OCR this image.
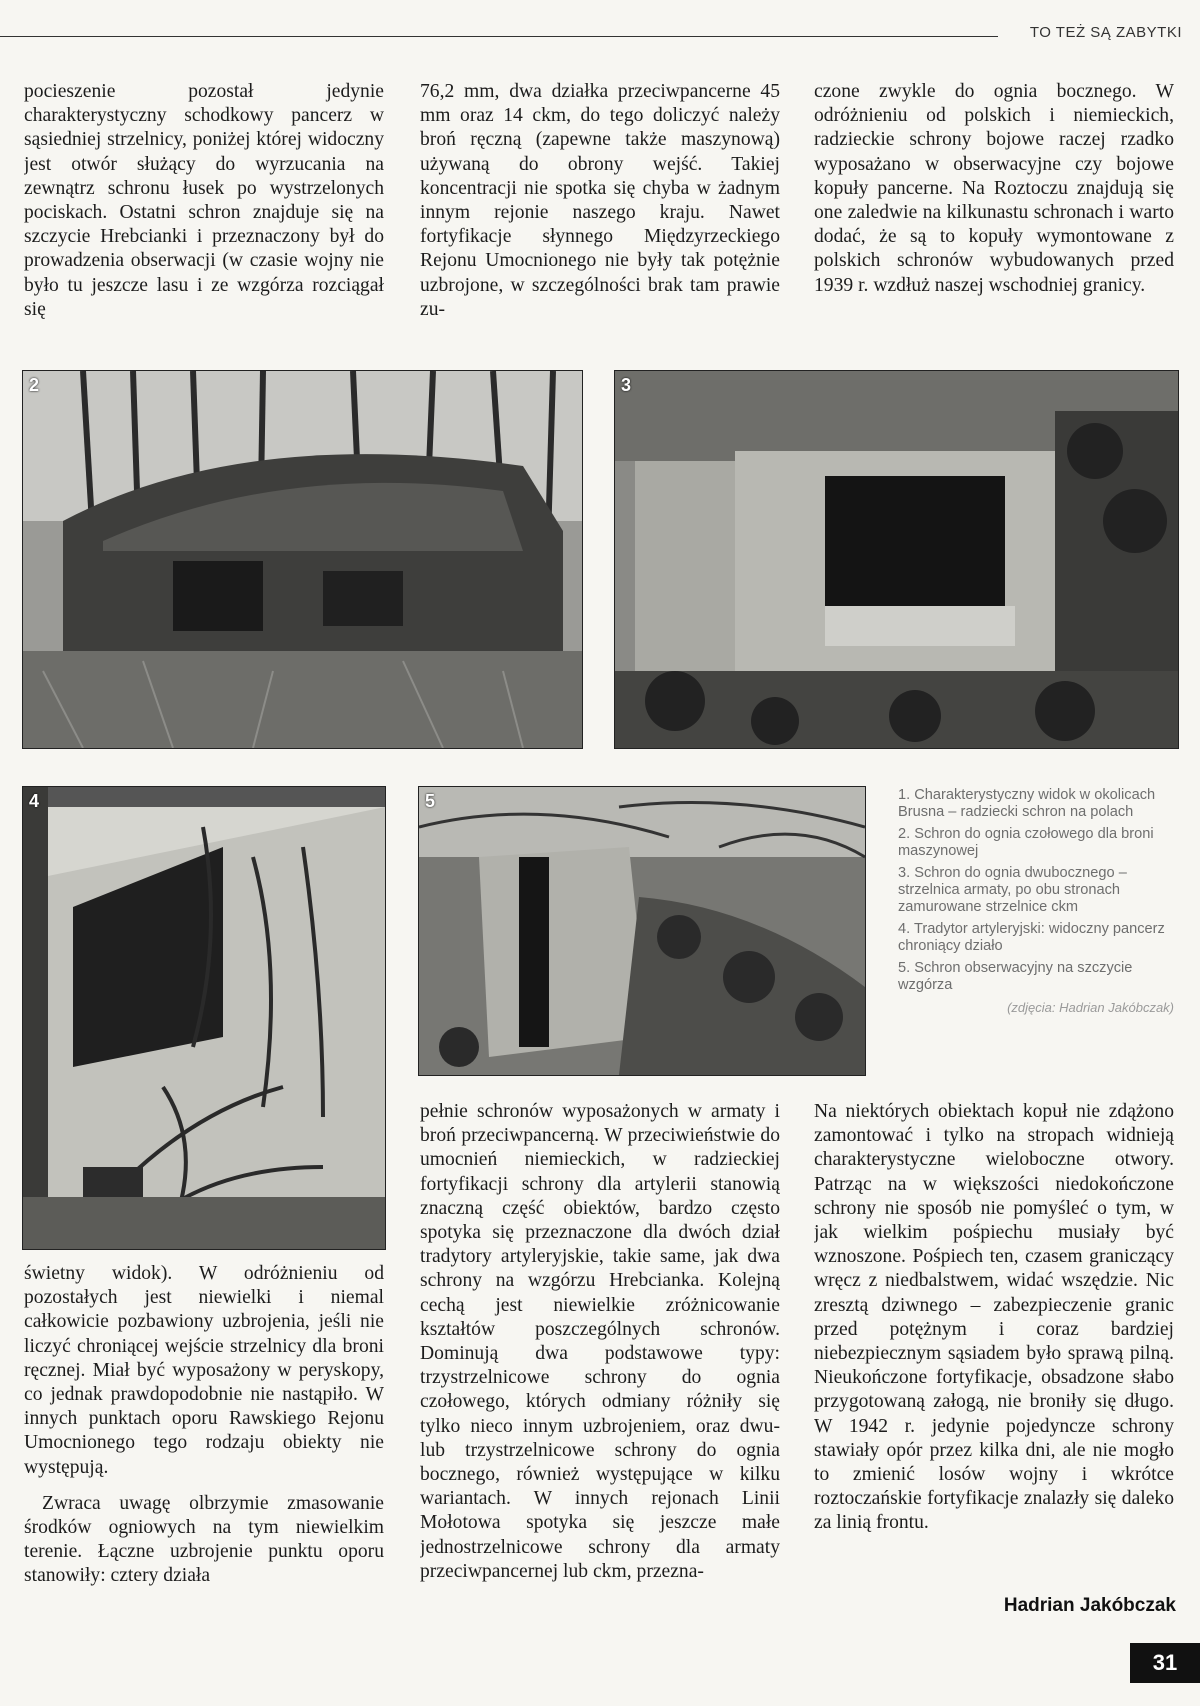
TO TEŻ SĄ ZABYTKI

pocieszenie pozostał jedynie charakterystyczny schodkowy pancerz w sąsiedniej strzelnicy, poniżej której widoczny jest otwór służący do wyrzucania na zewnątrz schronu łusek po wystrzelonych pociskach. Ostatni schron znajduje się na szczycie Hrebcianki i przeznaczony był do prowadzenia obserwacji (w czasie wojny nie było tu jeszcze lasu i ze wzgórza rozciągał się

76,2 mm, dwa działka przeciwpancerne 45 mm oraz 14 ckm, do tego doliczyć należy broń ręczną (zapewne także maszynową) używaną do obrony wejść. Takiej koncentracji nie spotka się chyba w żadnym innym rejonie naszego kraju. Nawet fortyfikacje słynnego Międzyrzeckiego Rejonu Umocnionego nie były tak potężnie uzbrojone, w szczególności brak tam prawie zu-

czone zwykle do ognia bocznego. W odróżnieniu od polskich i niemieckich, radzieckie schrony bojowe raczej rzadko wyposażano w obserwacyjne czy bojowe kopuły pancerne. Na Roztoczu znajdują się one zaledwie na kilkunastu schronach i warto dodać, że są to kopuły wymontowane z polskich schronów wybudowanych przed 1939 r. wzdłuż naszej wschodniej granicy.

2	3
4	5	1. Charakterystyczny widok w okolicach Brusna – radziecki schron na polach
2. Schron do ognia czołowego dla broni maszynowej
3. Schron do ognia dwubocznego – strzelnica armaty, po obu stronach zamurowane strzelnice ckm
4. Tradytor artyleryjski: widoczny pancerz chroniący działo
5. Schron obserwacyjny na szczycie wzgórza
(zdjęcia: Hadrian Jakóbczak)

świetny widok). W odróżnieniu od pozostałych jest niewielki i niemal całkowicie pozbawiony uzbrojenia, jeśli nie liczyć chroniącej wejście strzelnicy dla broni ręcznej. Miał być wyposażony w peryskopy, co jednak prawdopodobnie nie nastąpiło. W innych punktach oporu Rawskiego Rejonu Umocnionego tego rodzaju obiekty nie występują.

Zwraca uwagę olbrzymie zmasowanie środków ogniowych na tym niewielkim terenie. Łączne uzbrojenie punktu oporu stanowiły: cztery działa

pełnie schronów wyposażonych w armaty i broń przeciwpancerną. W przeciwieństwie do umocnień niemieckich, w radzieckiej fortyfikacji schrony dla artylerii stanowią znaczną część obiektów, bardzo często spotyka się przeznaczone dla dwóch dział tradytory artyleryjskie, takie same, jak dwa schrony na wzgórzu Hrebcianka. Kolejną cechą jest niewielkie zróżnicowanie kształtów poszczególnych schronów. Dominują dwa podstawowe typy: trzystrzelnicowe schrony do ognia czołowego, których odmiany różniły się tylko nieco innym uzbrojeniem, oraz dwu- lub trzystrzelnicowe schrony do ognia bocznego, również występujące w kilku wariantach. W innych rejonach Linii Mołotowa spotyka się jeszcze małe jednostrzelnicowe schrony dla armaty przeciwpancernej lub ckm, przezna-

Na niektórych obiektach kopuł nie zdążono zamontować i tylko na stropach widnieją charakterystyczne wieloboczne otwory. Patrząc na w większości niedokończone schrony nie sposób nie pomyśleć o tym, w jak wielkim pośpiechu musiały być wznoszone. Pośpiech ten, czasem graniczący wręcz z niedbalstwem, widać wszędzie. Nic zresztą dziwnego – zabezpieczenie granic przed potężnym i coraz bardziej niebezpiecznym sąsiadem było sprawą pilną. Nieukończone fortyfikacje, obsadzone słabo przygotowaną załogą, nie broniły się długo. W 1942 r. jedynie pojedyncze schrony stawiały opór przez kilka dni, ale nie mogło to zmienić losów wojny i wkrótce roztoczańskie fortyfikacje znalazły się daleko za linią frontu.

Hadrian Jakóbczak
31
